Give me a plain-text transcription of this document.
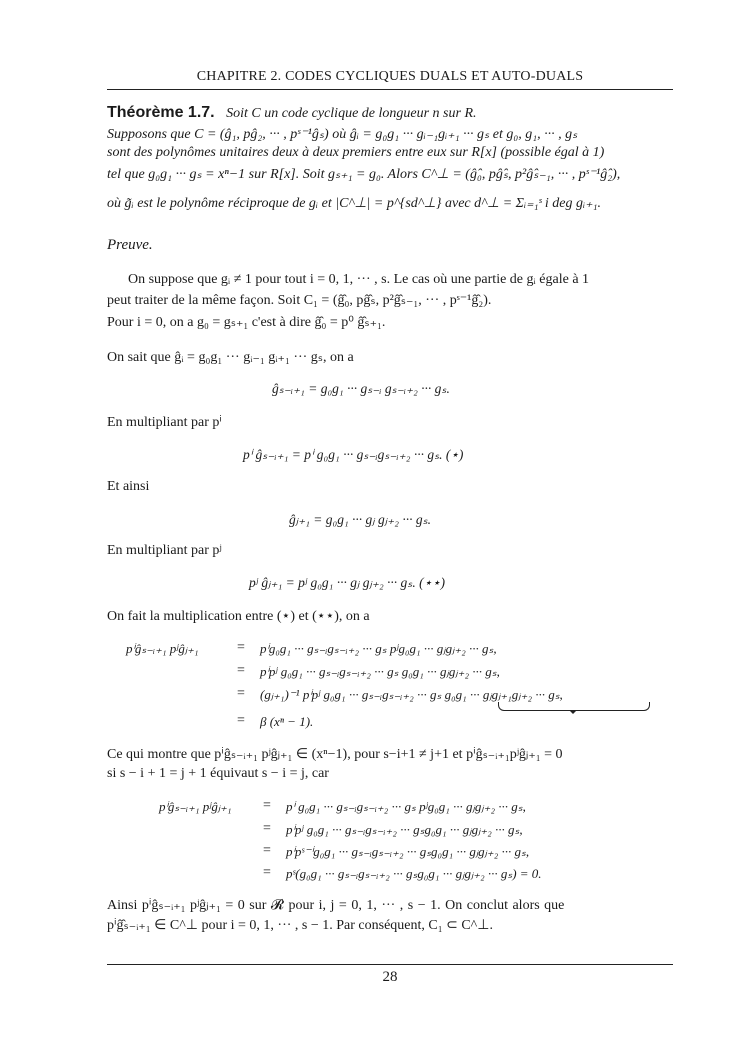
CHAPITRE 2. CODES CYCLIQUES DUALS ET AUTO-DUALS
Théorème 1.7. Soit C un code cyclique de longueur n sur R.
Supposons que C = (ĝ₁, pĝ₂, ··· , pˢ⁻¹ĝₛ) où ĝᵢ = g₀g₁ ··· gᵢ₋₁gᵢ₊₁ ··· gₛ et g₀, g₁, ··· , gₛ
sont des polynômes unitaires deux à deux premiers entre eux sur R[x] (possible égal à 1)
tel que g₀g₁ ··· gₛ = xⁿ−1 sur R[x]. Soit gₛ₊₁ = g₀. Alors C^⊥ = (ĝ̂₀, pĝ̂ₛ, p²ĝ̂ₛ₋₁, ··· , pˢ⁻¹ĝ̂₂),
où g̃ᵢ est le polynôme réciproque de gᵢ et |C^⊥| = p^{sd^⊥} avec d^⊥ = Σᵢ₌₁ˢ i deg gᵢ₊₁.
Preuve.
On suppose que gᵢ ≠ 1 pour tout i = 0, 1, ··· , s. Le cas où une partie de gᵢ égale à 1
peut traiter de la même façon. Soit C₁ = (ĝ̂₀, pĝ̂ₛ, p²ĝ̂ₛ₋₁, ··· , pˢ⁻¹ĝ̂₂).
Pour i = 0, on a g₀ = gₛ₊₁ c'est à dire ĝ̂₀ = p⁰ ĝ̂ₛ₊₁.
On sait que ĝᵢ = g₀g₁ ··· gᵢ₋₁ gᵢ₊₁ ··· gₛ, on a
ĝₛ₋ᵢ₊₁ = g₀g₁ ··· gₛ₋ᵢ gₛ₋ᵢ₊₂ ··· gₛ.
En multipliant par pⁱ
pⁱ ĝₛ₋ᵢ₊₁ = pⁱ g₀g₁ ··· gₛ₋ᵢgₛ₋ᵢ₊₂ ··· gₛ. (⋆)
Et ainsi
ĝⱼ₊₁ = g₀g₁ ··· gⱼ gⱼ₊₂ ··· gₛ.
En multipliant par pʲ
pʲ ĝⱼ₊₁ = pʲ g₀g₁ ··· gⱼ gⱼ₊₂ ··· gₛ. (⋆⋆)
On fait la multiplication entre (⋆) et (⋆⋆), on a
pⁱĝₛ₋ᵢ₊₁ pʲĝⱼ₊₁	= pⁱg₀g₁ ··· gₛ₋ᵢgₛ₋ᵢ₊₂ ··· gₛ pʲg₀g₁ ··· gⱼgⱼ₊₂ ··· gₛ,
= pⁱpʲ g₀g₁ ··· gₛ₋ᵢgₛ₋ᵢ₊₂ ··· gₛ g₀g₁ ··· gⱼgⱼ₊₂ ··· gₛ,
= (gⱼ₊₁)⁻¹ pⁱpʲ g₀g₁ ··· gₛ₋ᵢgₛ₋ᵢ₊₂ ··· gₛ g₀g₁ ··· gⱼgⱼ₊₁gⱼ₊₂ ··· gₛ,
= β (xⁿ − 1).
Ce qui montre que pⁱĝₛ₋ᵢ₊₁ pʲĝⱼ₊₁ ∈ (xⁿ−1), pour s−i+1 ≠ j+1 et pⁱĝₛ₋ᵢ₊₁pʲĝⱼ₊₁ = 0
si s − i + 1 = j + 1 équivaut s − i = j, car
pⁱĝₛ₋ᵢ₊₁ pʲĝⱼ₊₁ = pⁱ g₀g₁ ··· gₛ₋ᵢgₛ₋ᵢ₊₂ ··· gₛ pʲg₀g₁ ··· gⱼgⱼ₊₂ ··· gₛ,
= pⁱpʲ g₀g₁ ··· gₛ₋ᵢgₛ₋ᵢ₊₂ ··· gₛg₀g₁ ··· gⱼgⱼ₊₂ ··· gₛ,
= pⁱpˢ⁻ⁱg₀g₁ ··· gₛ₋ᵢgₛ₋ᵢ₊₂ ··· gₛg₀g₁ ··· gⱼgⱼ₊₂ ··· gₛ,
= pˢ(g₀g₁ ··· gₛ₋ᵢgₛ₋ᵢ₊₂ ··· gₛg₀g₁ ··· gⱼgⱼ₊₂ ··· gₛ) = 0.
Ainsi pⁱĝₛ₋ᵢ₊₁ pʲĝⱼ₊₁ = 0 sur 𝓡 pour i, j = 0, 1, ··· , s − 1. On conclut alors que
pⁱĝ̂ₛ₋ᵢ₊₁ ∈ C^⊥ pour i = 0, 1, ··· , s − 1. Par conséquent, C₁ ⊂ C^⊥.
28
